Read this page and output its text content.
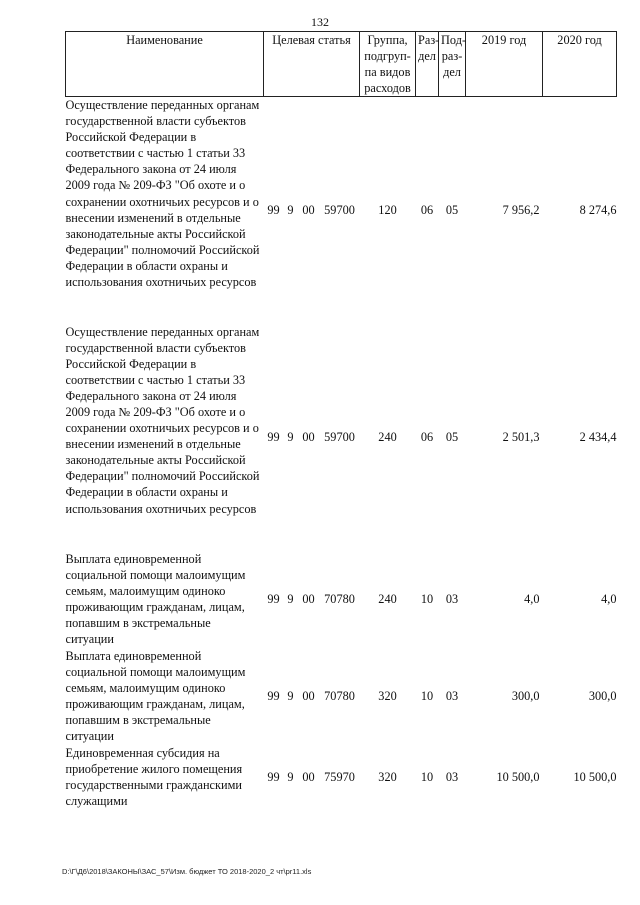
132
Наименование	Целевая статья				Группа, подгруп-па видов расходов	Раз-дел	Под-раз-дел	2019 год	2020 год
Осуществление переданных органам государственной власти субъектов Российской Федерации в соответствии с частью 1 статьи 33 Федерального закона от 24 июля 2009 года № 209-ФЗ "Об охоте и о сохранении охотничьих ресурсов и о внесении изменений в отдельные законодательные акты Российской Федерации" полномочий Российской Федерации в области охраны и использования охотничьих ресурсов	99	9	00	59700	120	06	05	7 956,2	8 274,6
Осуществление переданных органам государственной власти субъектов Российской Федерации в соответствии с частью 1 статьи 33 Федерального закона от 24 июля 2009 года № 209-ФЗ "Об охоте и о сохранении охотничьих ресурсов и о внесении изменений в отдельные законодательные акты Российской Федерации" полномочий Российской Федерации в области охраны и использования охотничьих ресурсов	99	9	00	59700	240	06	05	2 501,3	2 434,4
Выплата единовременной социальной помощи малоимущим семьям, малоимущим одиноко проживающим гражданам, лицам, попавшим в экстремальные ситуации	99	9	00	70780	240	10	03	4,0	4,0
Выплата единовременной социальной помощи малоимущим семьям, малоимущим одиноко проживающим гражданам, лицам, попавшим в экстремальные ситуации	99	9	00	70780	320	10	03	300,0	300,0
Единовременная субсидия на приобретение жилого помещения государственными гражданскими служащими	99	9	00	75970	320	10	03	10 500,0	10 500,0
D:\Г\Д6\2018\ЗАКОНЫ\ЗАС_57\Изм. бюджет ТО 2018-2020_2 чт\pr11.xls
